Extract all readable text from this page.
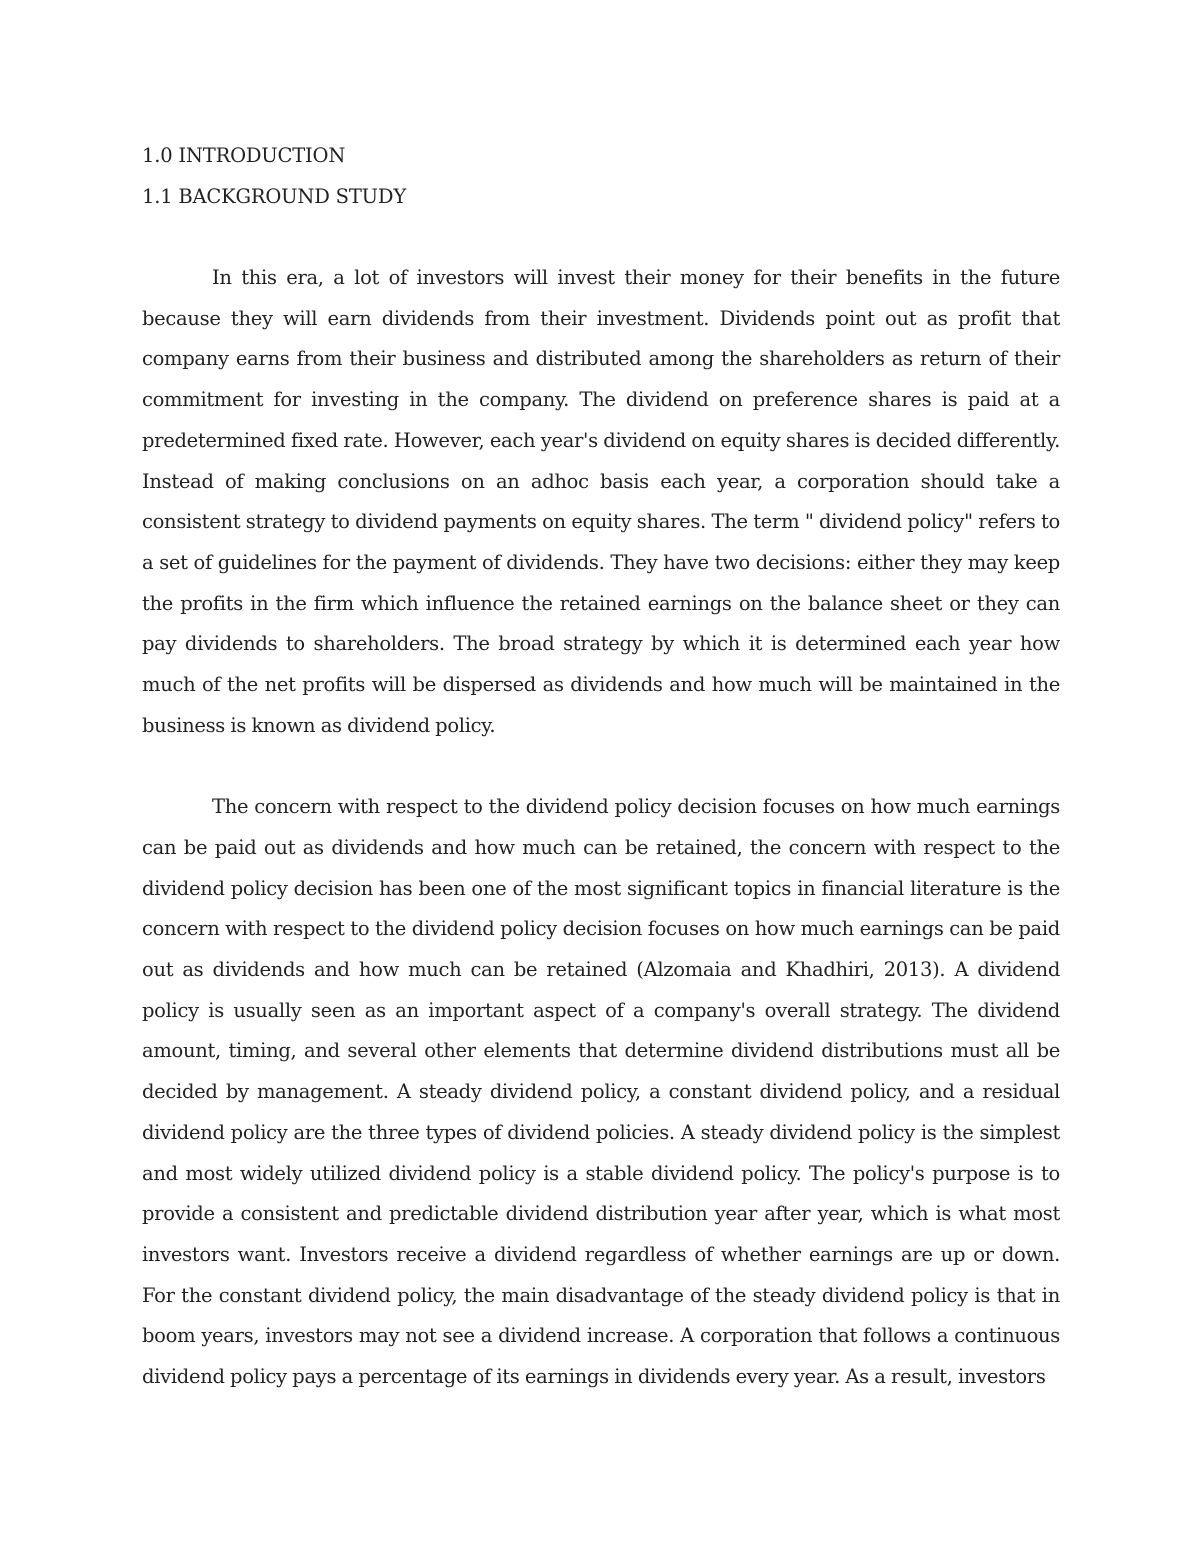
1.0 INTRODUCTION
1.1 BACKGROUND STUDY

In this era, a lot of investors will invest their money for their benefits in the future because they will earn dividends from their investment. Dividends point out as profit that company earns from their business and distributed among the shareholders as return of their commitment for investing in the company. The dividend on preference shares is paid at a predetermined fixed rate. However, each year's dividend on equity shares is decided differently. Instead of making conclusions on an adhoc basis each year, a corporation should take a consistent strategy to dividend payments on equity shares. The term " dividend policy" refers to a set of guidelines for the payment of dividends. They have two decisions: either they may keep the profits in the firm which influence the retained earnings on the balance sheet or they can pay dividends to shareholders. The broad strategy by which it is determined each year how much of the net profits will be dispersed as dividends and how much will be maintained in the business is known as dividend policy.

The concern with respect to the dividend policy decision focuses on how much earnings can be paid out as dividends and how much can be retained, the concern with respect to the dividend policy decision has been one of the most significant topics in financial literature is the concern with respect to the dividend policy decision focuses on how much earnings can be paid out as dividends and how much can be retained (Alzomaia and Khadhiri, 2013). A dividend policy is usually seen as an important aspect of a company's overall strategy. The dividend amount, timing, and several other elements that determine dividend distributions must all be decided by management. A steady dividend policy, a constant dividend policy, and a residual dividend policy are the three types of dividend policies. A steady dividend policy is the simplest and most widely utilized dividend policy is a stable dividend policy. The policy's purpose is to provide a consistent and predictable dividend distribution year after year, which is what most investors want. Investors receive a dividend regardless of whether earnings are up or down. For the constant dividend policy, the main disadvantage of the steady dividend policy is that in boom years, investors may not see a dividend increase. A corporation that follows a continuous dividend policy pays a percentage of its earnings in dividends every year. As a result, investors
